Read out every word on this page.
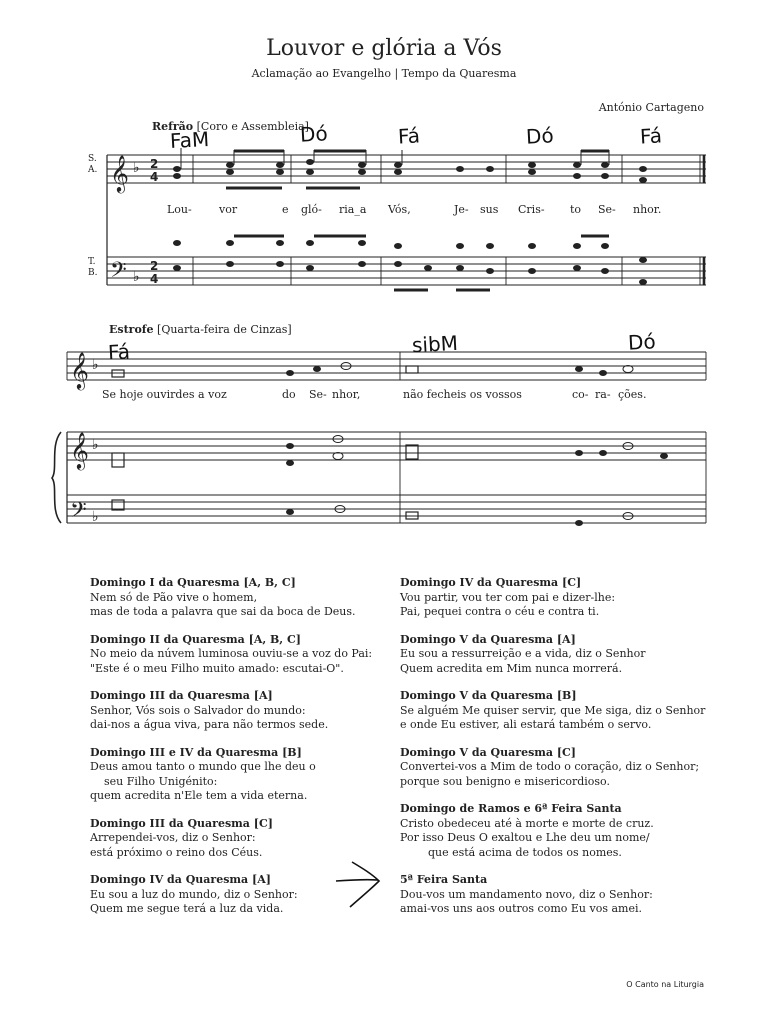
Louvor e glória a Vós
Aclamação ao Evangelho | Tempo da Quaresma
António Cartageno
Refrão [Coro e Assembleia]
S.
A.
T.
B.
𝄞
𝄢
♭
♭
2
4
2
4
𝄞 ♭
𝄞 ♭
𝄢 ♭
FaM	Dó	Fá	Dó	Fá
Lou- vor	e gló- ria_a Vós,	Je- sus Cris- to Se- nhor.
Estrofe [Quarta-feira de Cinzas]
Fá	sibM	Dó
Se hoje ouvirdes a voz	do Se- nhor,	não fecheis os vossos	co- ra- ções.
Domingo I da Quaresma [A, B, C]
Nem só de Pão vive o homem,
mas de toda a palavra que sai da boca de Deus.
Domingo II da Quaresma [A, B, C]
No meio da núvem luminosa ouviu-se a voz do Pai:
"Este é o meu Filho muito amado: escutai-O".
Domingo III da Quaresma [A]
Senhor, Vós sois o Salvador do mundo:
dai-nos a água viva, para não termos sede.
Domingo III e IV da Quaresma [B]
Deus amou tanto o mundo que lhe deu o
seu Filho Unigénito:
quem acredita n'Ele tem a vida eterna.
Domingo III da Quaresma [C]
Arrependei-vos, diz o Senhor:
está próximo o reino dos Céus.
Domingo IV da Quaresma [A]
Eu sou a luz do mundo, diz o Senhor:
Quem me segue terá a luz da vida.
Domingo IV da Quaresma [C]
Vou partir, vou ter com pai e dizer-lhe:
Pai, pequei contra o céu e contra ti.
Domingo V da Quaresma [A]
Eu sou a ressurreição e a vida, diz o Senhor
Quem acredita em Mim nunca morrerá.
Domingo V da Quaresma [B]
Se alguém Me quiser servir, que Me siga, diz o Senhor
e onde Eu estiver, ali estará também o servo.
Domingo V da Quaresma [C]
Convertei-vos a Mim de todo o coração, diz o Senhor;
porque sou benigno e misericordioso.
Domingo de Ramos e 6ª Feira Santa
Cristo obedeceu até à morte e morte de cruz.
Por isso Deus O exaltou e Lhe deu um nome/
que está acima de todos os nomes.
5ª Feira Santa
Dou-vos um mandamento novo, diz o Senhor:
amai-vos uns aos outros como Eu vos amei.
O Canto na Liturgia
